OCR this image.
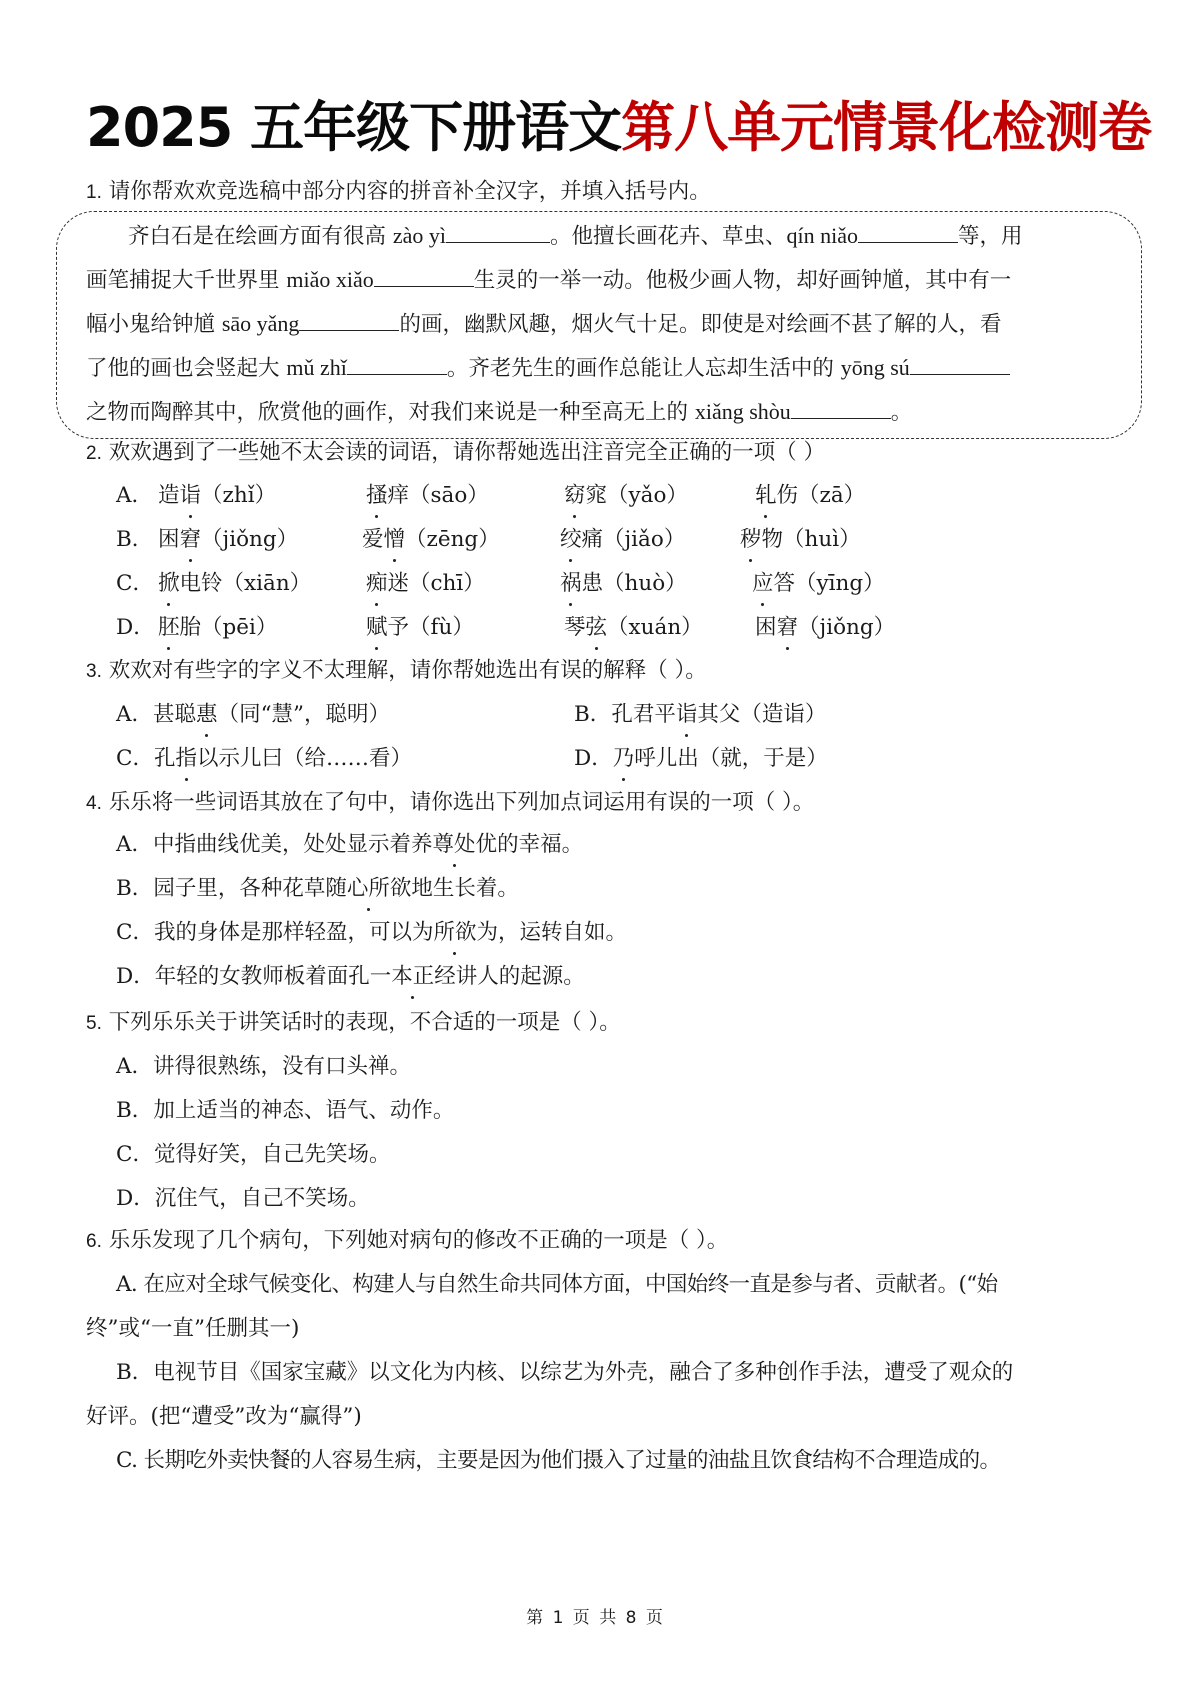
2025 五年级下册语文第八单元情景化检测卷
1. 请你帮欢欢竞选稿中部分内容的拼音补全汉字，并填入括号内。
齐白石是在绘画方面有很高 zào yì	。他擅长画花卉、草虫、qín niǎo	等，用
画笔捕捉大千世界里 miǎo xiǎo	生灵的一举一动。他极少画人物，却好画钟馗，其中有一
幅小鬼给钟馗 sāo yǎng	的画，幽默风趣，烟火气十足。即使是对绘画不甚了解的人，看
了他的画也会竖起大 mǔ zhǐ	。齐老先生的画作总能让人忘却生活中的 yōng sú
之物而陶醉其中，欣赏他的画作，对我们来说是一种至高无上的 xiǎng shòu	。
2. 欢欢遇到了一些她不太会读的词语，请你帮她选出注音完全正确的一项（ ）
A． 造诣（zhǐ）	搔痒（sāo）	窈窕（yǎo）	轧伤（zā）
B． 困窘（jiǒng）	爱憎（zēng）	绞痛（jiǎo）	秽物（huì）
C． 掀电铃（xiān）	痴迷（chī）	祸患（huò）	应答（yīng）
D． 胚胎（pēi）	赋予（fù）	琴弦（xuán） 困窘（jiǒng）
3. 欢欢对有些字的字义不太理解，请你帮她选出有误的解释（ ）。
A．甚聪惠（同“慧”，聪明）	B．孔君平诣其父（造诣）
C．孔指以示儿曰（给……看）	D．乃呼儿出（就，于是）
4. 乐乐将一些词语其放在了句中，请你选出下列加点词运用有误的一项（ ）。
A．中指曲线优美，处处显示着养尊处优的幸福。
B．园子里，各种花草随心所欲地生长着。
C．我的身体是那样轻盈，可以为所欲为，运转自如。
D．年轻的女教师板着面孔一本正经讲人的起源。
5. 下列乐乐关于讲笑话时的表现，不合适的一项是（ ）。
A．讲得很熟练，没有口头禅。
B．加上适当的神态、语气、动作。
C．觉得好笑，自己先笑场。
D．沉住气，自己不笑场。
6. 乐乐发现了几个病句，下列她对病句的修改不正确的一项是（ ）。
A. 在应对全球气候变化、构建人与自然生命共同体方面，中国始终一直是参与者、贡献者。(“始
终”或“一直”任删其一)
B．电视节目《国家宝藏》以文化为内核、以综艺为外壳，融合了多种创作手法，遭受了观众的
好评。(把“遭受”改为“赢得”)
C. 长期吃外卖快餐的人容易生病，主要是因为他们摄入了过量的油盐且饮食结构不合理造成的。
第 1 页 共 8 页
